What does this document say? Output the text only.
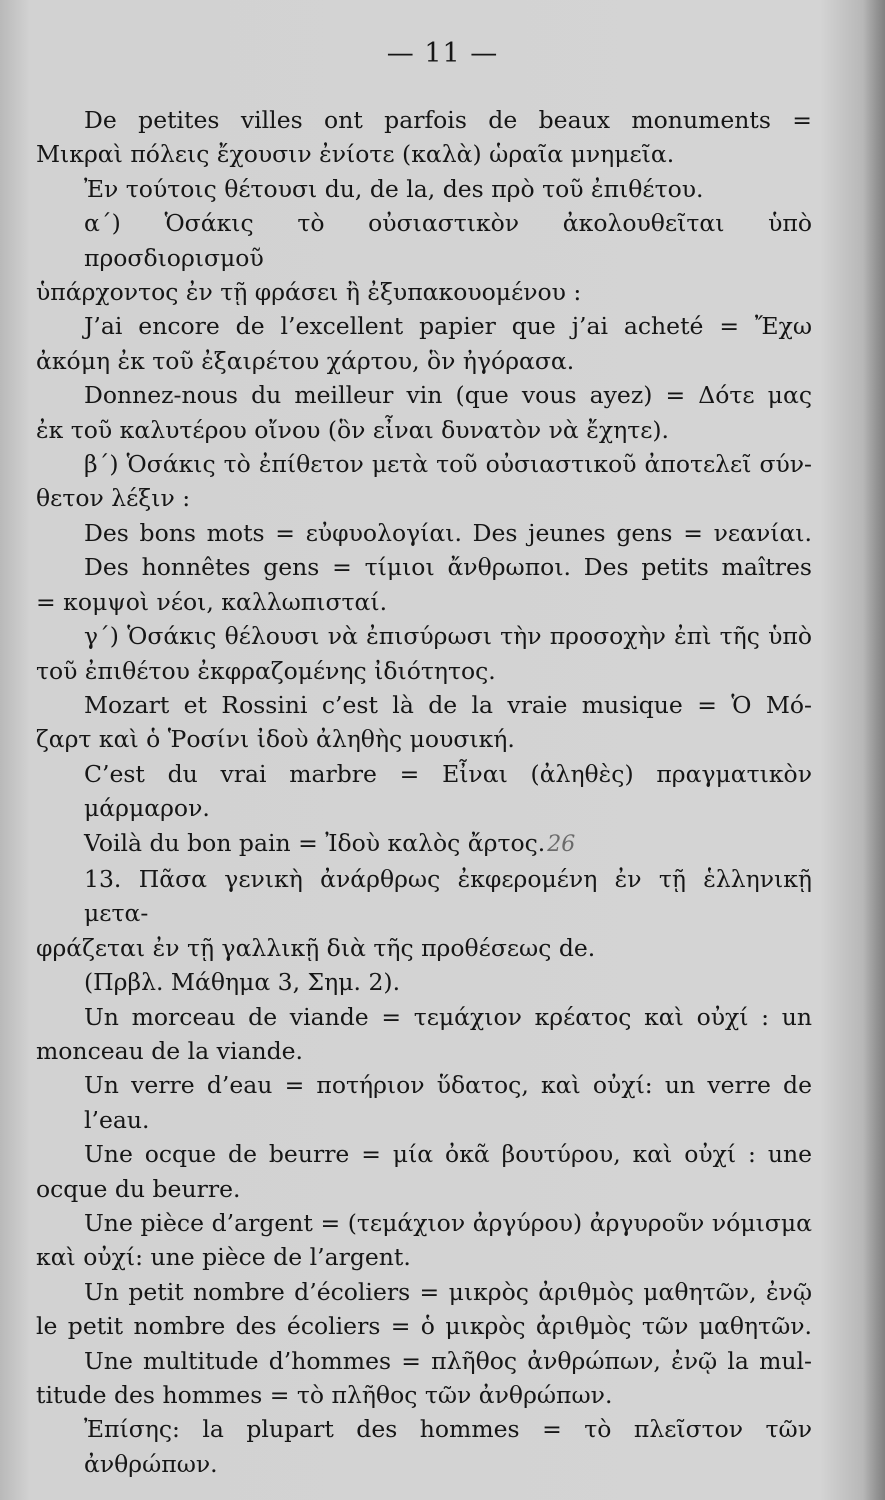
— 11 —
De petites villes ont parfois de beaux monuments =
Μικραὶ πόλεις ἔχουσιν ἐνίοτε (καλὰ) ὡραῖα μνημεῖα.
Ἐν τούτοις θέτουσι du, de la, des πρὸ τοῦ ἐπιθέτου.
α΄) Ὁσάκις τὸ οὐσιαστικὸν ἀκολουθεῖται ὑπὸ προσδιορισμοῦ
ὑπάρχοντος ἐν τῇ φράσει ἢ ἐξυπακουομένου :
J’ai encore de l’excellent papier que j’ai acheté = Ἔχω
ἀκόμη ἐκ τοῦ ἐξαιρέτου χάρτου, ὃν ἠγόρασα.
Donnez-nous du meilleur vin (que vous ayez) = Δότε μας
ἐκ τοῦ καλυτέρου οἴνου (ὃν εἶναι δυνατὸν νὰ ἔχητε).
β΄) Ὁσάκις τὸ ἐπίθετον μετὰ τοῦ οὐσιαστικοῦ ἀποτελεῖ σύν-
θετον λέξιν :
Des bons mots = εὐφυολογίαι. Des jeunes gens = νεανίαι.
Des honnêtes gens = τίμιοι ἄνθρωποι. Des petits maîtres
= κομψοὶ νέοι, καλλωπισταί.
γ΄) Ὁσάκις θέλουσι νὰ ἐπισύρωσι τὴν προσοχὴν ἐπὶ τῆς ὑπὸ
τοῦ ἐπιθέτου ἐκφραζομένης ἰδιότητος.
Mozart et Rossini c’est là de la vraie musique = Ὁ Μό-
ζαρτ καὶ ὁ Ῥοσίνι ἰδοὺ ἀληθὴς μουσική.
C’est du vrai marbre = Εἶναι (ἀληθὲς) πραγματικὸν μάρμαρον.
Voilà du bon pain = Ἰδοὺ καλὸς ἄρτος.26
13. Πᾶσα γενικὴ ἀνάρθρως ἐκφερομένη ἐν τῇ ἑλληνικῇ μετα-
φράζεται ἐν τῇ γαλλικῇ διὰ τῆς προθέσεως de.
(Πρβλ. Μάθημα 3, Σημ. 2).
Un morceau de viande = τεμάχιον κρέατος καὶ οὐχί : un
monceau de la viande.
Un verre d’eau = ποτήριον ὕδατος, καὶ οὐχί: un verre de l’eau.
Une ocque de beurre = μία ὀκᾶ βουτύρου, καὶ οὐχί : une
ocque du beurre.
Une pièce d’argent = (τεμάχιον ἀργύρου) ἀργυροῦν νόμισμα
καὶ οὐχί: une pièce de l’argent.
Un petit nombre d’écoliers = μικρὸς ἀριθμὸς μαθητῶν, ἐνῷ
le petit nombre des écoliers = ὁ μικρὸς ἀριθμὸς τῶν μαθητῶν.
Une multitude d’hommes = πλῆθος ἀνθρώπων, ἐνῷ la mul-
titude des hommes = τὸ πλῆθος τῶν ἀνθρώπων.
Ἐπίσης: la plupart des hommes = τὸ πλεῖστον τῶν ἀνθρώπων.
